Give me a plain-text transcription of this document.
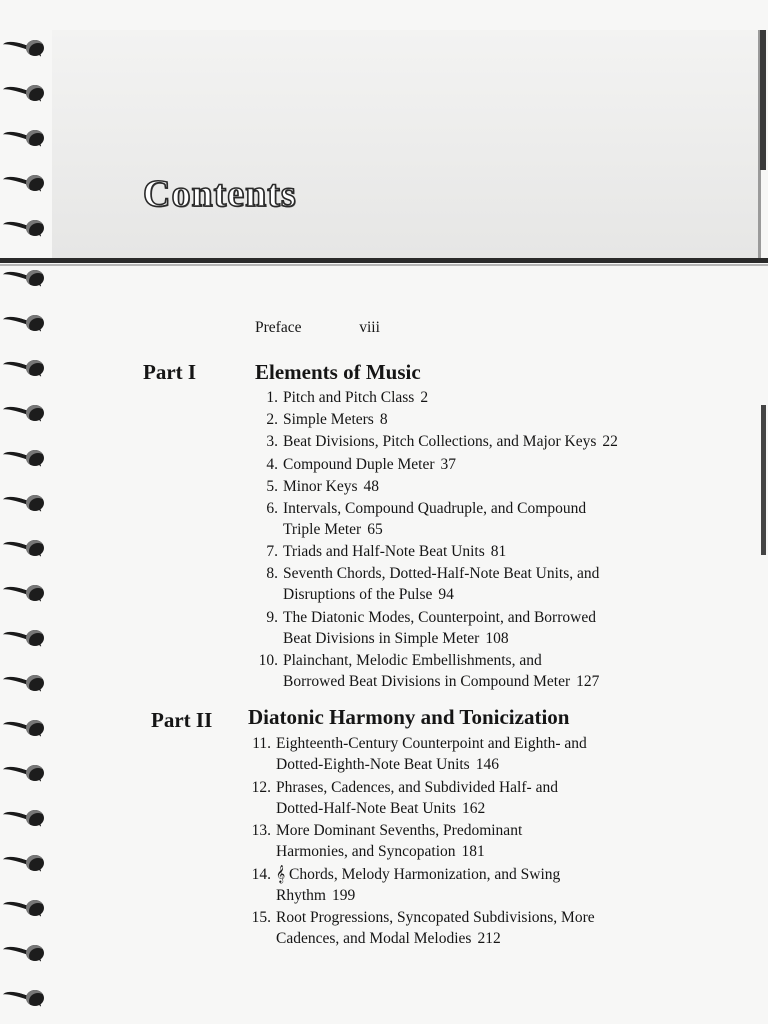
Contents
Preface	viii
Part I	Elements of Music
1. Pitch and Pitch Class 2
2. Simple Meters 8
3. Beat Divisions, Pitch Collections, and Major Keys 22
4. Compound Duple Meter 37
5. Minor Keys 48
6. Intervals, Compound Quadruple, and Compound
Triple Meter 65
7. Triads and Half-Note Beat Units 81
8. Seventh Chords, Dotted-Half-Note Beat Units, and
Disruptions of the Pulse 94
9. The Diatonic Modes, Counterpoint, and Borrowed
Beat Divisions in Simple Meter 108
10. Plainchant, Melodic Embellishments, and
Borrowed Beat Divisions in Compound Meter 127
Part II Diatonic Harmony and Tonicization
11. Eighteenth-Century Counterpoint and Eighth- and
Dotted-Eighth-Note Beat Units 146
12. Phrases, Cadences, and Subdivided Half- and
Dotted-Half-Note Beat Units 162
13. More Dominant Sevenths, Predominant
Harmonies, and Syncopation 181
14. 𝄞 Chords, Melody Harmonization, and Swing
Rhythm 199
15. Root Progressions, Syncopated Subdivisions, More
Cadences, and Modal Melodies 212
